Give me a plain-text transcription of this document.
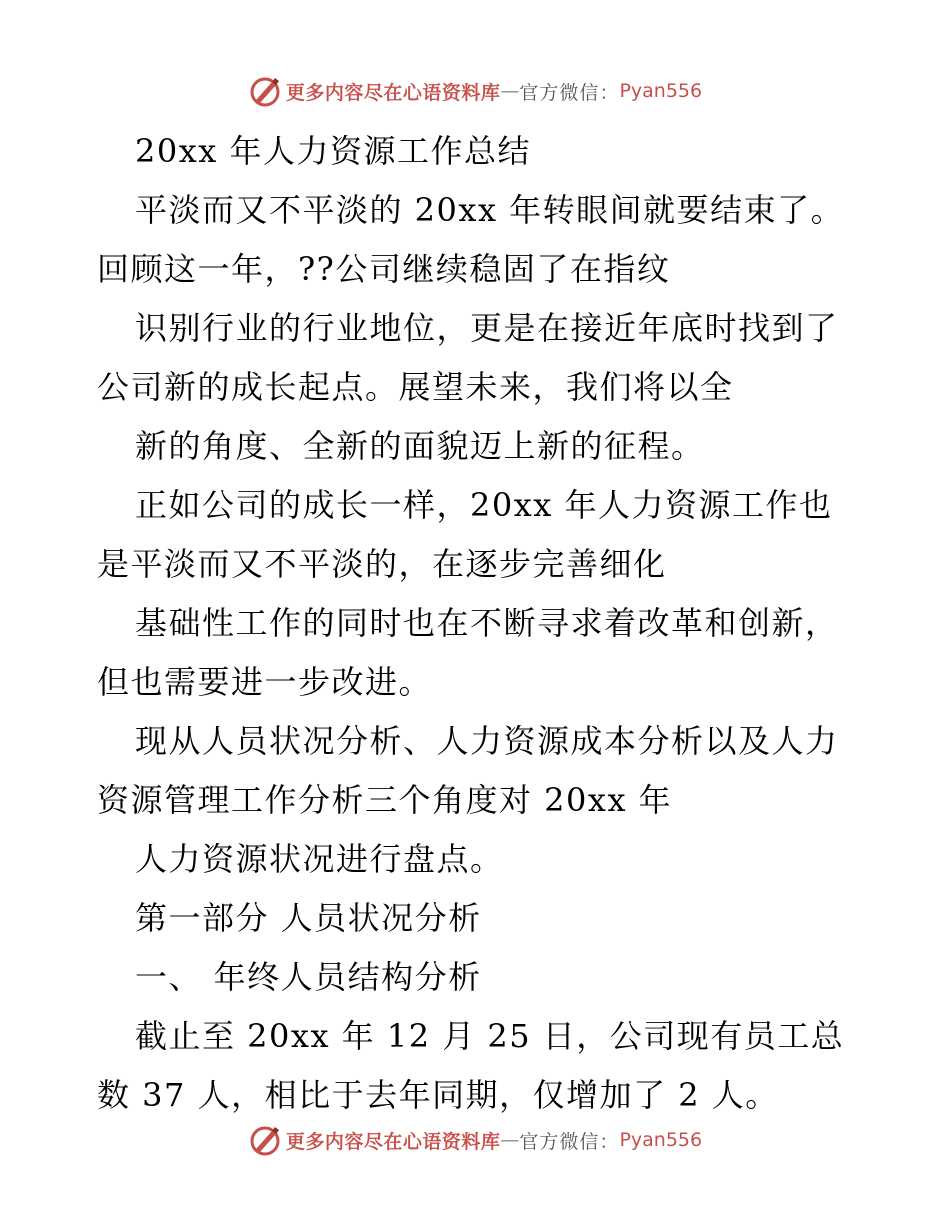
更多内容尽在心语资料库 — 官方微信： Pyan556
20xx 年人力资源工作总结
平淡而又不平淡的 20xx 年转眼间就要结束了。
回顾这一年，??公司继续稳固了在指纹
识别行业的行业地位，更是在接近年底时找到了
公司新的成长起点。展望未来，我们将以全
新的角度、全新的面貌迈上新的征程。
正如公司的成长一样，20xx 年人力资源工作也
是平淡而又不平淡的，在逐步完善细化
基础性工作的同时也在不断寻求着改革和创新，
但也需要进一步改进。
现从人员状况分析、人力资源成本分析以及人力
资源管理工作分析三个角度对 20xx 年
人力资源状况进行盘点。
第一部分 人员状况分析
一、 年终人员结构分析
截止至 20xx 年 12 月 25 日，公司现有员工总
数 37 人，相比于去年同期，仅增加了 2 人。
更多内容尽在心语资料库 — 官方微信： Pyan556
